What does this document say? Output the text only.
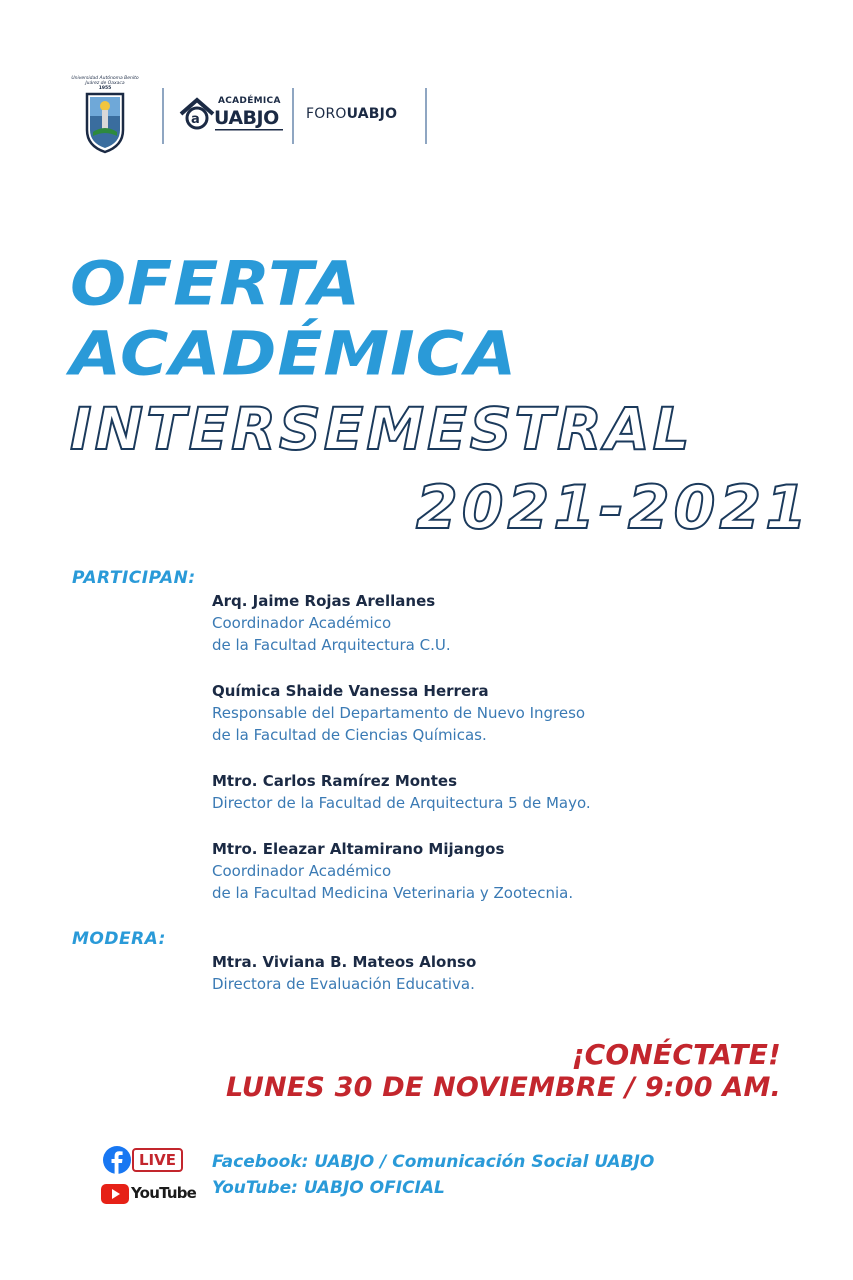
Universidad Autónoma Benito Juárez de Oaxaca
1955
a
ACADÉMICA
UABJO FOROUABJO
OFERTA
ACADÉMICA
INTERSEMESTRAL
2021-2021
PARTICIPAN:
Arq. Jaime Rojas Arellanes
Coordinador Académico
de la Facultad Arquitectura C.U.
Química Shaide Vanessa Herrera
Responsable del Departamento de Nuevo Ingreso
de la Facultad de Ciencias Químicas.
Mtro. Carlos Ramírez Montes
Director de la Facultad de Arquitectura 5 de Mayo.
Mtro. Eleazar Altamirano Mijangos
Coordinador Académico
de la Facultad Medicina Veterinaria y Zootecnia.
MODERA:
Mtra. Viviana B. Mateos Alonso
Directora de Evaluación Educativa.
¡CONÉCTATE!
LUNES 30 DE NOVIEMBRE / 9:00 AM.
LIVE
YouTube
Facebook: UABJO / Comunicación Social UABJO
YouTube: UABJO OFICIAL
